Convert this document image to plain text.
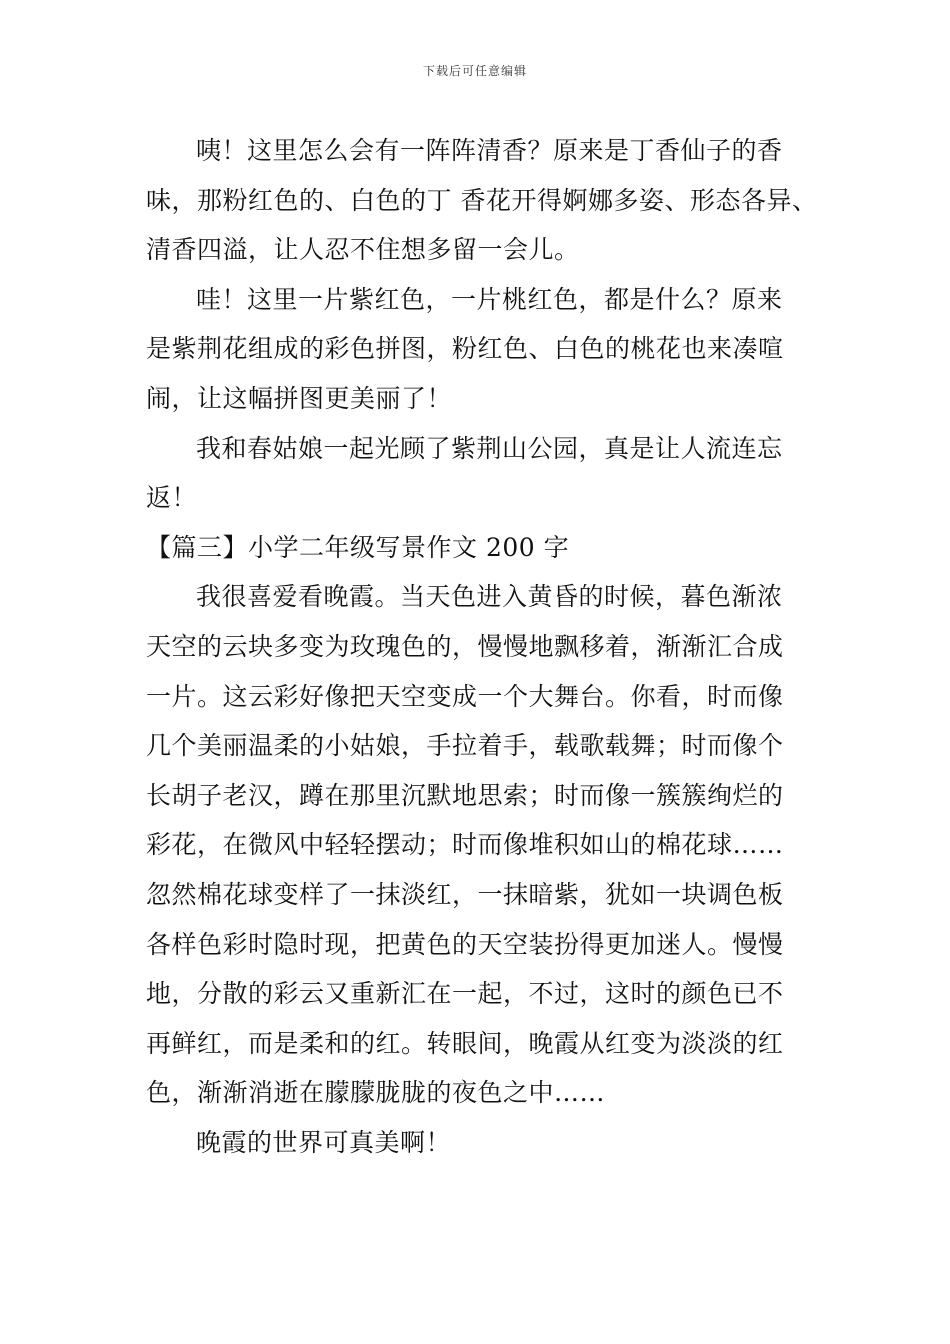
下载后可任意编辑
咦！这里怎么会有一阵阵清香？原来是丁香仙子的香
味，那粉红色的、白色的丁 香花开得婀娜多姿、形态各异、
清香四溢，让人忍不住想多留一会儿。
哇！这里一片紫红色，一片桃红色，都是什么？原来
是紫荆花组成的彩色拼图，粉红色、白色的桃花也来凑喧
闹，让这幅拼图更美丽了！
我和春姑娘一起光顾了紫荆山公园，真是让人流连忘
返！
【篇三】小学二年级写景作文 200 字
我很喜爱看晚霞。当天色进入黄昏的时候，暮色渐浓
天空的云块多变为玫瑰色的，慢慢地飘移着，渐渐汇合成
一片。这云彩好像把天空变成一个大舞台。你看，时而像
几个美丽温柔的小姑娘，手拉着手，载歌载舞；时而像个
长胡子老汉，蹲在那里沉默地思索；时而像一簇簇绚烂的
彩花，在微风中轻轻摆动；时而像堆积如山的棉花球……
忽然棉花球变样了一抹淡红，一抹暗紫，犹如一块调色板
各样色彩时隐时现，把黄色的天空装扮得更加迷人。慢慢
地，分散的彩云又重新汇在一起，不过，这时的颜色已不
再鲜红，而是柔和的红。转眼间，晚霞从红变为淡淡的红
色，渐渐消逝在朦朦胧胧的夜色之中……
晚霞的世界可真美啊！
